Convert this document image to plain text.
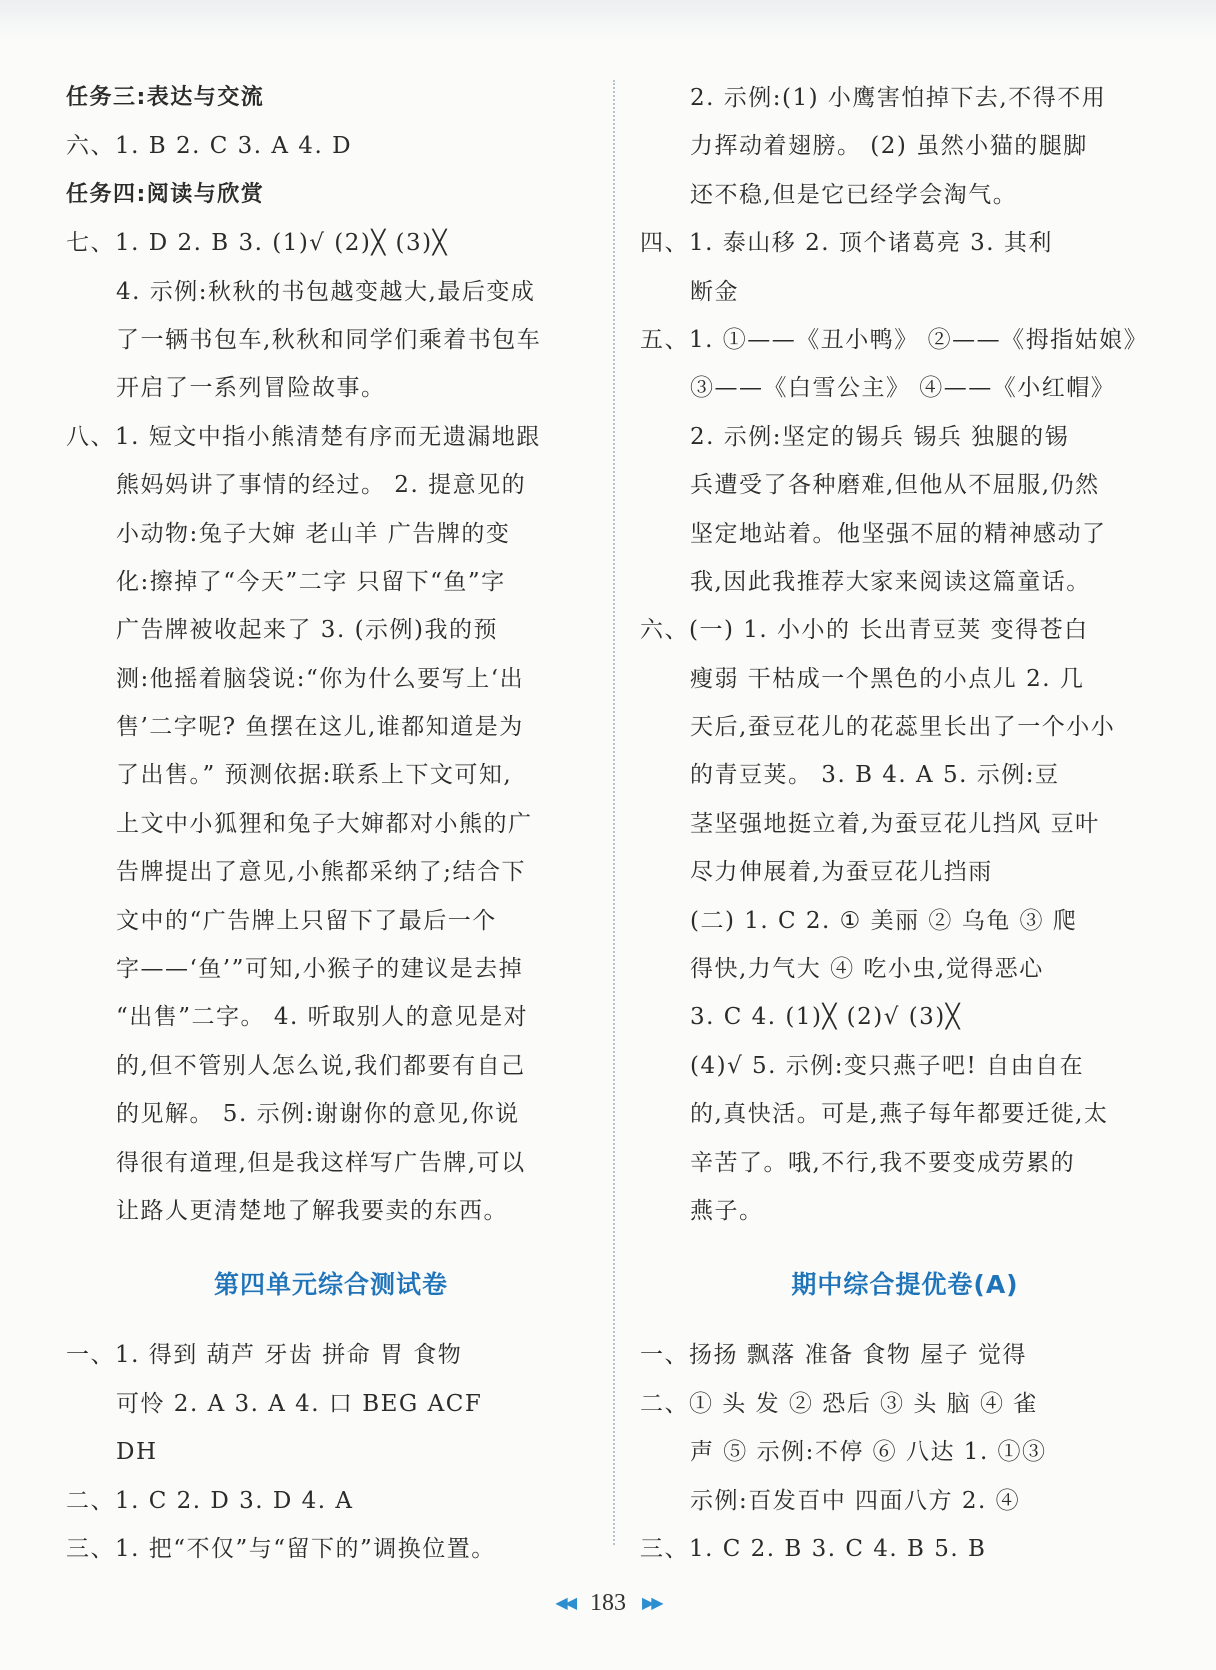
任务三:表达与交流
六、1. B 2. C 3. A 4. D
任务四:阅读与欣赏
七、1. D 2. B 3. (1)√ (2)╳ (3)╳
4. 示例:秋秋的书包越变越大,最后变成
了一辆书包车,秋秋和同学们乘着书包车
开启了一系列冒险故事。
八、1. 短文中指小熊清楚有序而无遗漏地跟
熊妈妈讲了事情的经过。 2. 提意见的
小动物:兔子大婶 老山羊 广告牌的变
化:擦掉了“今天”二字 只留下“鱼”字
广告牌被收起来了 3. (示例)我的预
测:他摇着脑袋说:“你为什么要写上‘出
售’二字呢? 鱼摆在这儿,谁都知道是为
了出售。” 预测依据:联系上下文可知,
上文中小狐狸和兔子大婶都对小熊的广
告牌提出了意见,小熊都采纳了;结合下
文中的“广告牌上只留下了最后一个
字——‘鱼’”可知,小猴子的建议是去掉
“出售”二字。 4. 听取别人的意见是对
的,但不管别人怎么说,我们都要有自己
的见解。 5. 示例:谢谢你的意见,你说
得很有道理,但是我这样写广告牌,可以
让路人更清楚地了解我要卖的东西。
第四单元综合测试卷
一、1. 得到 葫芦 牙齿 拼命 胃 食物
可怜 2. A 3. A 4. 口 BEG ACF
DH
二、1. C 2. D 3. D 4. A
三、1. 把“不仅”与“留下的”调换位置。
2. 示例:(1) 小鹰害怕掉下去,不得不用
力挥动着翅膀。 (2) 虽然小猫的腿脚
还不稳,但是它已经学会淘气。
四、1. 泰山移 2. 顶个诸葛亮 3. 其利
断金
五、1. ①——《丑小鸭》 ②——《拇指姑娘》
③——《白雪公主》 ④——《小红帽》
2. 示例:坚定的锡兵 锡兵 独腿的锡
兵遭受了各种磨难,但他从不屈服,仍然
坚定地站着。他坚强不屈的精神感动了
我,因此我推荐大家来阅读这篇童话。
六、(一) 1. 小小的 长出青豆荚 变得苍白
瘦弱 干枯成一个黑色的小点儿 2. 几
天后,蚕豆花儿的花蕊里长出了一个小小
的青豆荚。 3. B 4. A 5. 示例:豆
茎坚强地挺立着,为蚕豆花儿挡风 豆叶
尽力伸展着,为蚕豆花儿挡雨
(二) 1. C 2. ① 美丽 ② 乌龟 ③ 爬
得快,力气大 ④ 吃小虫,觉得恶心
3. C 4. (1)╳ (2)√ (3)╳
(4)√ 5. 示例:变只燕子吧! 自由自在
的,真快活。可是,燕子每年都要迁徙,太
辛苦了。哦,不行,我不要变成劳累的
燕子。
期中综合提优卷(A)
一、扬扬 飘落 准备 食物 屋子 觉得
二、① 头 发 ② 恐后 ③ 头 脑 ④ 雀
声 ⑤ 示例:不停 ⑥ 八达 1. ①③
示例:百发百中 四面八方 2. ④
三、1. C 2. B 3. C 4. B 5. B
◀◀ 183 ▶▶
